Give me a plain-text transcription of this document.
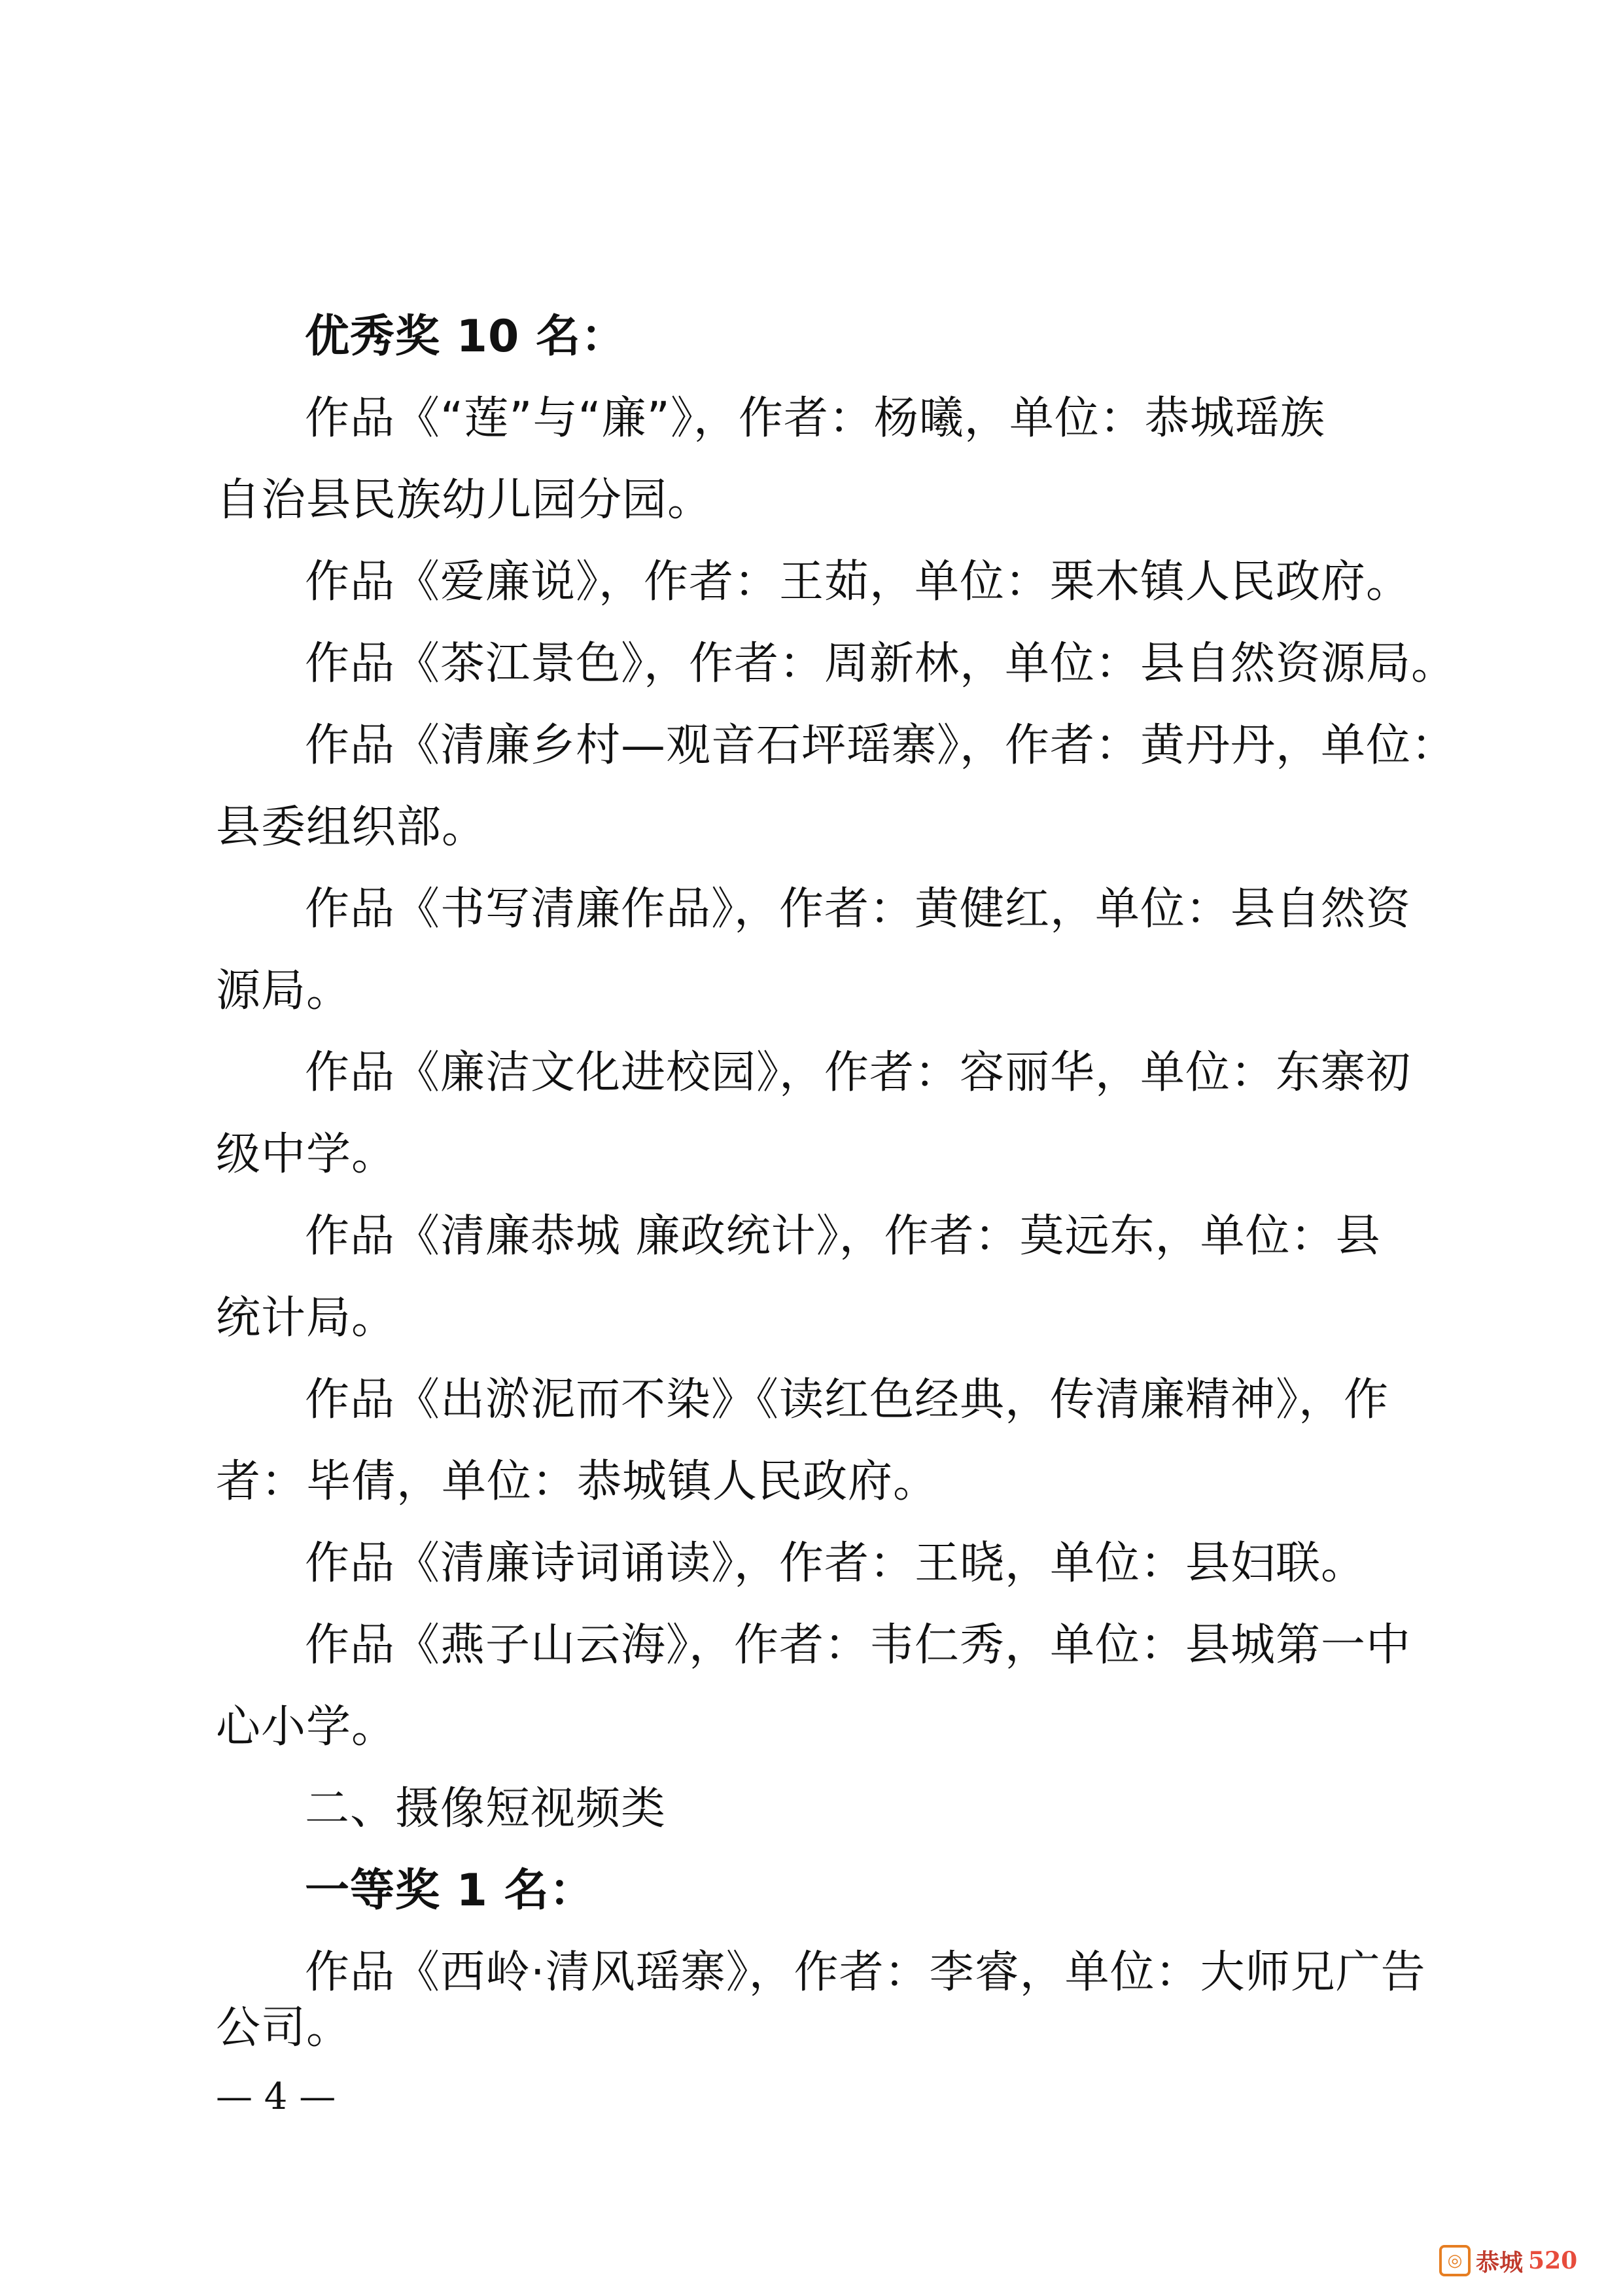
优秀奖 10 名：
作品《“莲”与“廉”》，作者：杨曦，单位：恭城瑶族
自治县民族幼儿园分园。
作品《爱廉说》，作者：王茹，单位：栗木镇人民政府。
作品《茶江景色》，作者：周新林，单位：县自然资源局。
作品《清廉乡村—观音石坪瑶寨》，作者：黄丹丹，单位：
县委组织部。
作品《书写清廉作品》，作者：黄健红，单位：县自然资
源局。
作品《廉洁文化进校园》，作者：容丽华，单位：东寨初
级中学。
作品《清廉恭城 廉政统计》，作者：莫远东，单位：县
统计局。
作品《出淤泥而不染》《读红色经典，传清廉精神》，作
者：毕倩，单位：恭城镇人民政府。
作品《清廉诗词诵读》，作者：王晓，单位：县妇联。
作品《燕子山云海》，作者：韦仁秀，单位：县城第一中
心小学。
二、摄像短视频类
一等奖 1 名：
作品《西岭·清风瑶寨》，作者：李睿，单位：大师兄广告
公司。
— 4 —
◎ 恭城 520
